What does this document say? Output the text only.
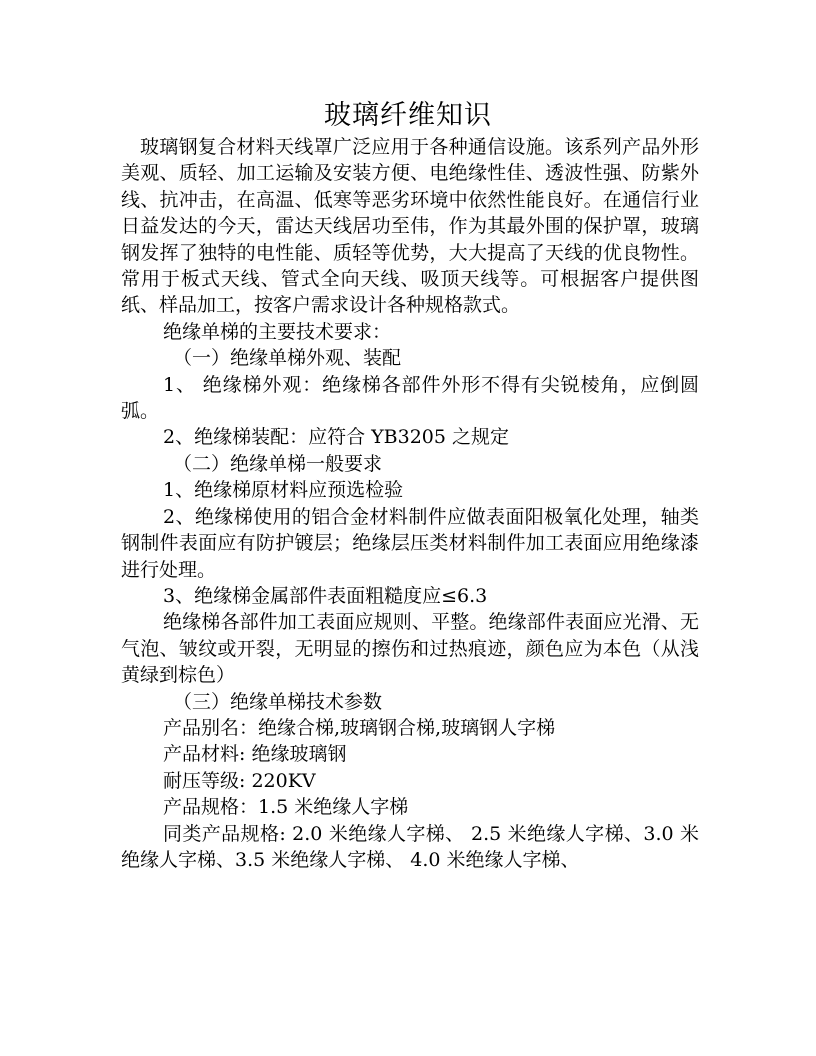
玻璃纤维知识

玻璃钢复合材料天线罩广泛应用于各种通信设施。该系列产品外形美观、质轻、加工运输及安装方便、电绝缘性佳、透波性强、防紫外线、抗冲击，在高温、低寒等恶劣环境中依然性能良好。在通信行业日益发达的今天，雷达天线居功至伟，作为其最外围的保护罩，玻璃钢发挥了独特的电性能、质轻等优势，大大提高了天线的优良物性。常用于板式天线、管式全向天线、吸顶天线等。可根据客户提供图纸、样品加工，按客户需求设计各种规格款式。

绝缘单梯的主要技术要求：

（一）绝缘单梯外观、装配

1、 绝缘梯外观：绝缘梯各部件外形不得有尖锐棱角，应倒圆弧。

2、绝缘梯装配：应符合 YB3205 之规定

（二）绝缘单梯一般要求

1、绝缘梯原材料应预选检验

2、绝缘梯使用的铝合金材料制件应做表面阳极氧化处理，轴类钢制件表面应有防护镀层；绝缘层压类材料制件加工表面应用绝缘漆进行处理。

3、绝缘梯金属部件表面粗糙度应≤6.3

绝缘梯各部件加工表面应规则、平整。绝缘部件表面应光滑、无气泡、皱纹或开裂，无明显的擦伤和过热痕迹，颜色应为本色（从浅黄绿到棕色）

（三）绝缘单梯技术参数

产品别名：绝缘合梯,玻璃钢合梯,玻璃钢人字梯

产品材料: 绝缘玻璃钢

耐压等级: 220KV

产品规格：1.5 米绝缘人字梯

同类产品规格: 2.0 米绝缘人字梯、 2.5 米绝缘人字梯、3.0 米绝缘人字梯、3.5 米绝缘人字梯、 4.0 米绝缘人字梯、
